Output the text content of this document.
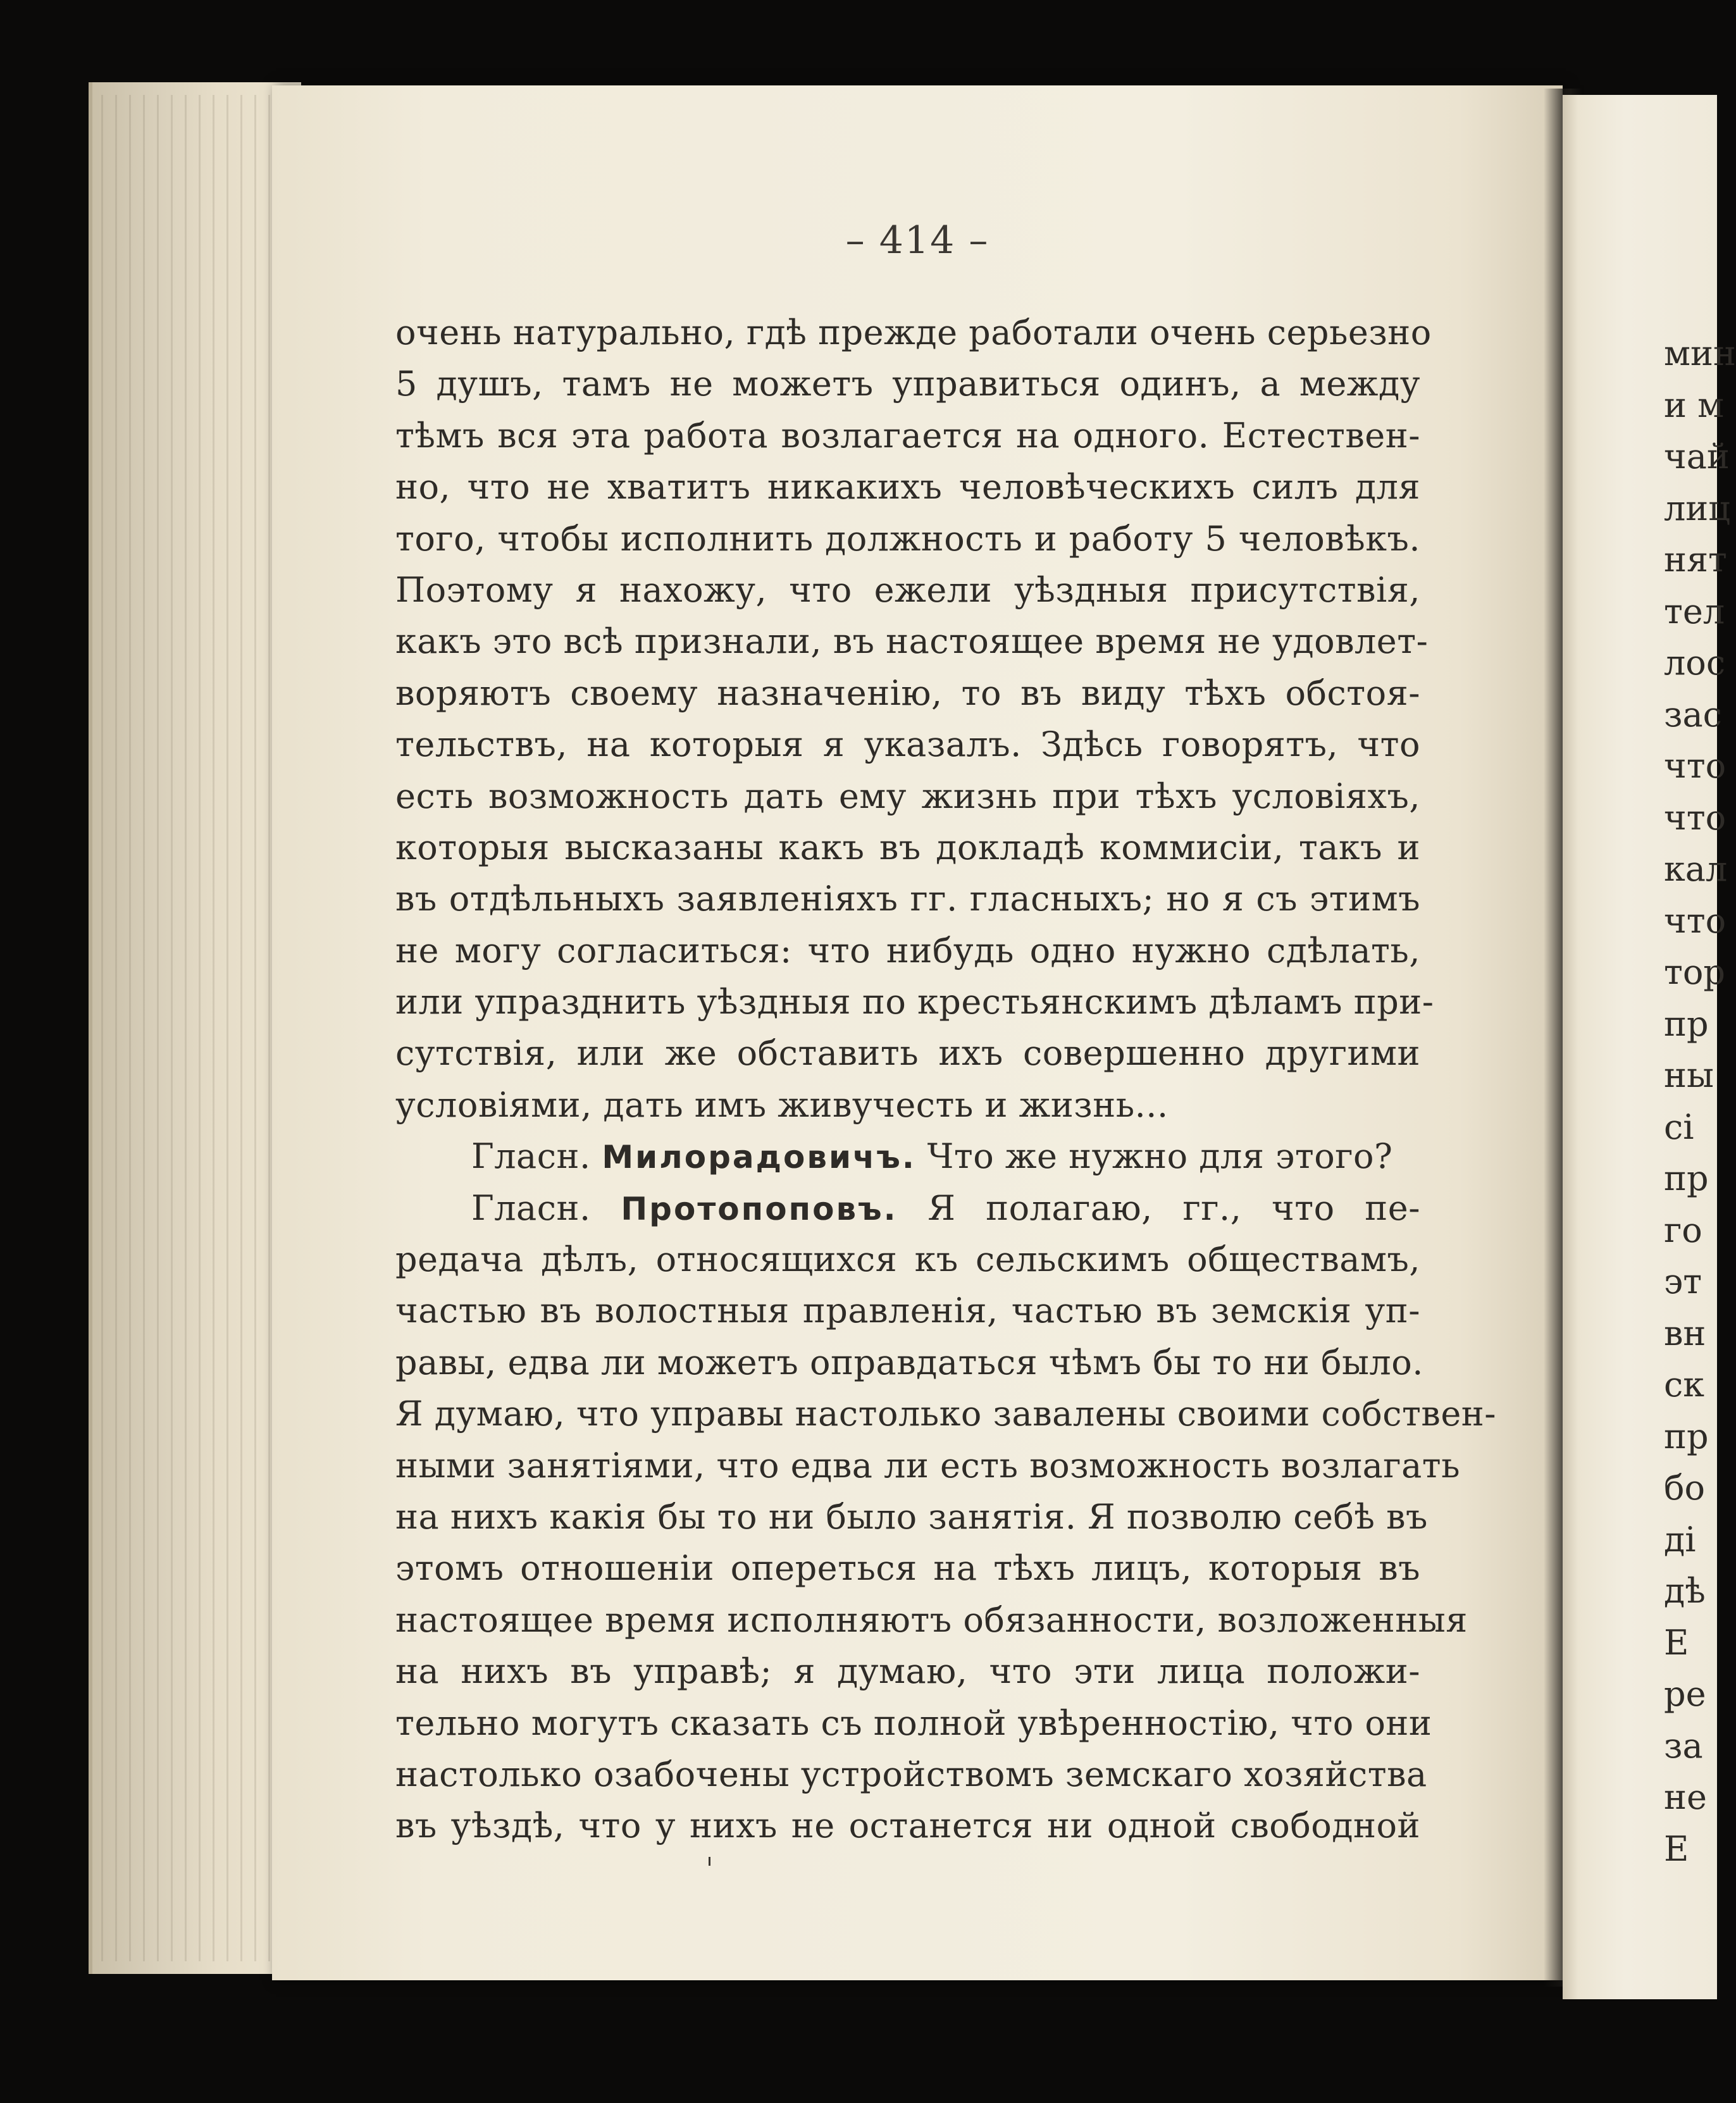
– 414 –
очень натурально, гдѣ прежде работали очень серьезно
5 душъ, тамъ не можетъ управиться одинъ, а между
тѣмъ вся эта работа возлагается на одного. Естествен-
но, что не хватитъ никакихъ человѣческихъ силъ для
того, чтобы исполнить должность и работу 5 человѣкъ.
Поэтому я нахожу, что ежели уѣздныя присутствія,
какъ это всѣ признали, въ настоящее время не удовлет-
воряютъ своему назначенію, то въ виду тѣхъ обстоя-
тельствъ, на которыя я указалъ. Здѣсь говорятъ, что
есть возможность дать ему жизнь при тѣхъ условіяхъ,
которыя высказаны какъ въ докладѣ коммисіи, такъ и
въ отдѣльныхъ заявленіяхъ гг. гласныхъ; но я съ этимъ
не могу согласиться: что нибудь одно нужно сдѣлать,
или упразднить уѣздныя по крестьянскимъ дѣламъ при-
сутствія, или же обставить ихъ совершенно другими
условіями, дать имъ живучесть и жизнь...
Гласн. Милорадовичъ. Что же нужно для этого?
Гласн. Протопоповъ. Я полагаю, гг., что пе-
редача дѣлъ, относящихся къ сельскимъ обществамъ,
частью въ волостныя правленія, частью въ земскія уп-
равы, едва ли можетъ оправдаться чѣмъ бы то ни было.
Я думаю, что управы настолько завалены своими собствен-
ными занятіями, что едва ли есть возможность возлагать
на нихъ какія бы то ни было занятія. Я позволю себѣ въ
этомъ отношеніи опереться на тѣхъ лицъ, которыя въ
настоящее время исполняютъ обязанности, возложенныя
на нихъ въ управѣ; я думаю, что эти лица положи-
тельно могутъ сказать съ полной увѣренностію, что они
настолько озабочены устройствомъ земскаго хозяйства
въ уѣздѣ, что у нихъ не останется ни одной свободной
мин
и м
чай
лиц
нят
тел
лос
зас
что
что
кал
что
тор
пр
ны
сі
пр
го
эт
вн
ск
пр
бо
ді
дѣ
Е
ре
за
не
Е
